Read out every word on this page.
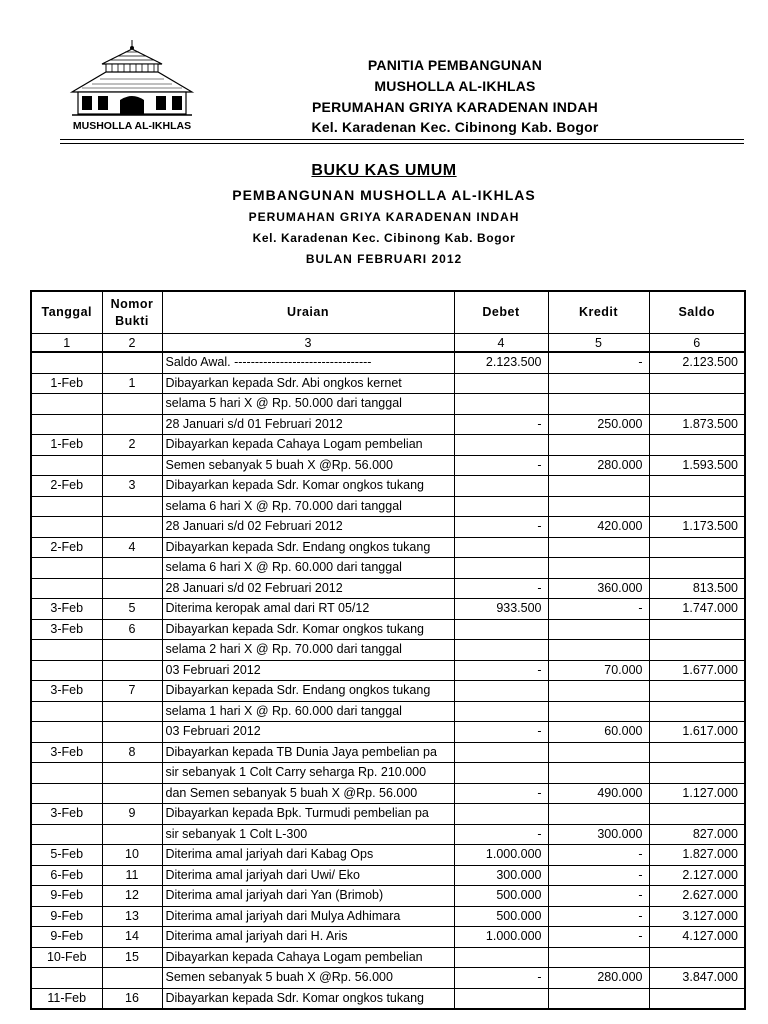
MUSHOLLA AL-IKHLAS
PANITIA PEMBANGUNAN
MUSHOLLA AL-IKHLAS
PERUMAHAN GRIYA KARADENAN INDAH
Kel. Karadenan Kec. Cibinong Kab. Bogor
BUKU KAS UMUM
PEMBANGUNAN MUSHOLLA AL-IKHLAS
PERUMAHAN GRIYA KARADENAN INDAH
Kel. Karadenan Kec. Cibinong Kab. Bogor
BULAN FEBRUARI 2012
Tanggal	Nomor Bukti	Uraian	Debet	Kredit	Saldo
1	2	3	4	5	6
		Saldo Awal. ---------------------------------	2.123.500	-	2.123.500
1-Feb	1	Dibayarkan kepada Sdr. Abi ongkos kernet			
		selama 5 hari X @ Rp. 50.000 dari tanggal			
		28 Januari s/d 01 Februari 2012	-	250.000	1.873.500
1-Feb	2	Dibayarkan kepada Cahaya Logam pembelian			
		Semen sebanyak 5 buah X @Rp. 56.000	-	280.000	1.593.500
2-Feb	3	Dibayarkan kepada Sdr. Komar ongkos tukang			
		selama 6 hari X @ Rp. 70.000 dari tanggal			
		28 Januari s/d 02 Februari 2012	-	420.000	1.173.500
2-Feb	4	Dibayarkan kepada Sdr. Endang ongkos tukang			
		selama 6 hari X @ Rp. 60.000 dari tanggal			
		28 Januari s/d 02 Februari 2012	-	360.000	813.500
3-Feb	5	Diterima keropak amal dari RT 05/12	933.500	-	1.747.000
3-Feb	6	Dibayarkan kepada Sdr. Komar ongkos tukang			
		selama 2 hari X @ Rp. 70.000 dari tanggal			
		03 Februari 2012	-	70.000	1.677.000
3-Feb	7	Dibayarkan kepada Sdr. Endang ongkos tukang			
		selama 1 hari X @ Rp. 60.000 dari tanggal			
		03 Februari 2012	-	60.000	1.617.000
3-Feb	8	Dibayarkan kepada TB Dunia Jaya pembelian pa			
		sir sebanyak 1 Colt Carry seharga Rp. 210.000			
		dan Semen sebanyak 5 buah X @Rp. 56.000	-	490.000	1.127.000
3-Feb	9	Dibayarkan kepada Bpk. Turmudi pembelian pa			
		sir sebanyak 1 Colt L-300	-	300.000	827.000
5-Feb	10	Diterima amal jariyah dari Kabag Ops	1.000.000	-	1.827.000
6-Feb	11	Diterima amal jariyah dari Uwi/ Eko	300.000	-	2.127.000
9-Feb	12	Diterima amal jariyah dari Yan (Brimob)	500.000	-	2.627.000
9-Feb	13	Diterima amal jariyah dari Mulya Adhimara	500.000	-	3.127.000
9-Feb	14	Diterima amal jariyah dari H. Aris	1.000.000	-	4.127.000
10-Feb	15	Dibayarkan kepada Cahaya Logam pembelian			
		Semen sebanyak 5 buah X @Rp. 56.000	-	280.000	3.847.000
11-Feb	16	Dibayarkan kepada Sdr. Komar ongkos tukang			
